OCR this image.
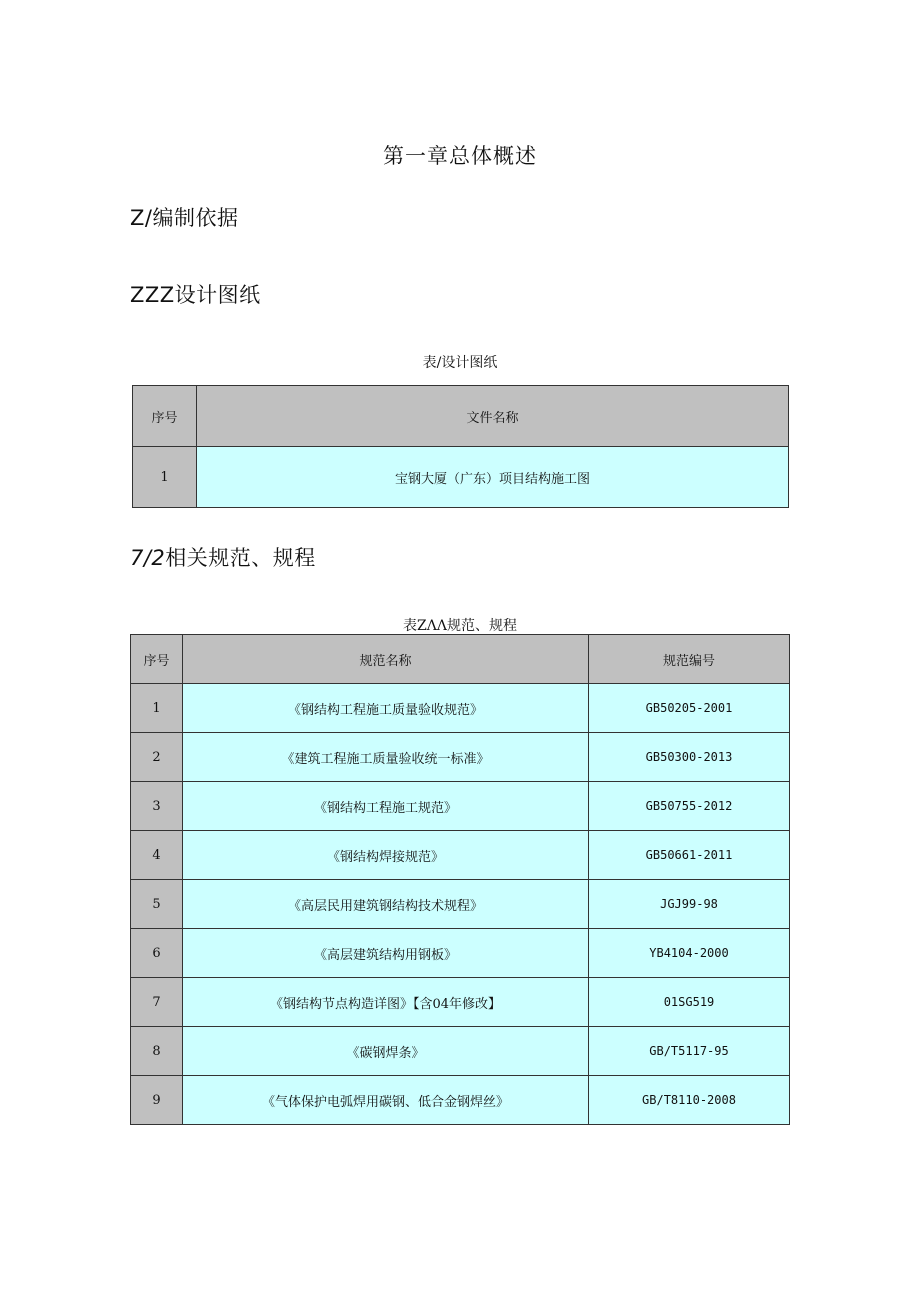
第一章总体概述
Z/编制依据
ZZZ设计图纸
表/设计图纸
序号	文件名称
1	宝钢大厦（广东）项目结构施工图
7/2相关规范、规程
表ZΛΛ规范、规程
序号	规范名称	规范编号
1	《钢结构工程施工质量验收规范》	GB50205-2001
2	《建筑工程施工质量验收统一标准》	GB50300-2013
3	《钢结构工程施工规范》	GB50755-2012
4	《钢结构焊接规范》	GB50661-2011
5	《高层民用建筑钢结构技术规程》	JGJ99-98
6	《高层建筑结构用钢板》	YB4104-2000
7	《钢结构节点构造详图》【含04年修改】	01SG519
8	《碳钢焊条》	GB/T5117-95
9	《气体保护电弧焊用碳钢、低合金钢焊丝》	GB/T8110-2008
